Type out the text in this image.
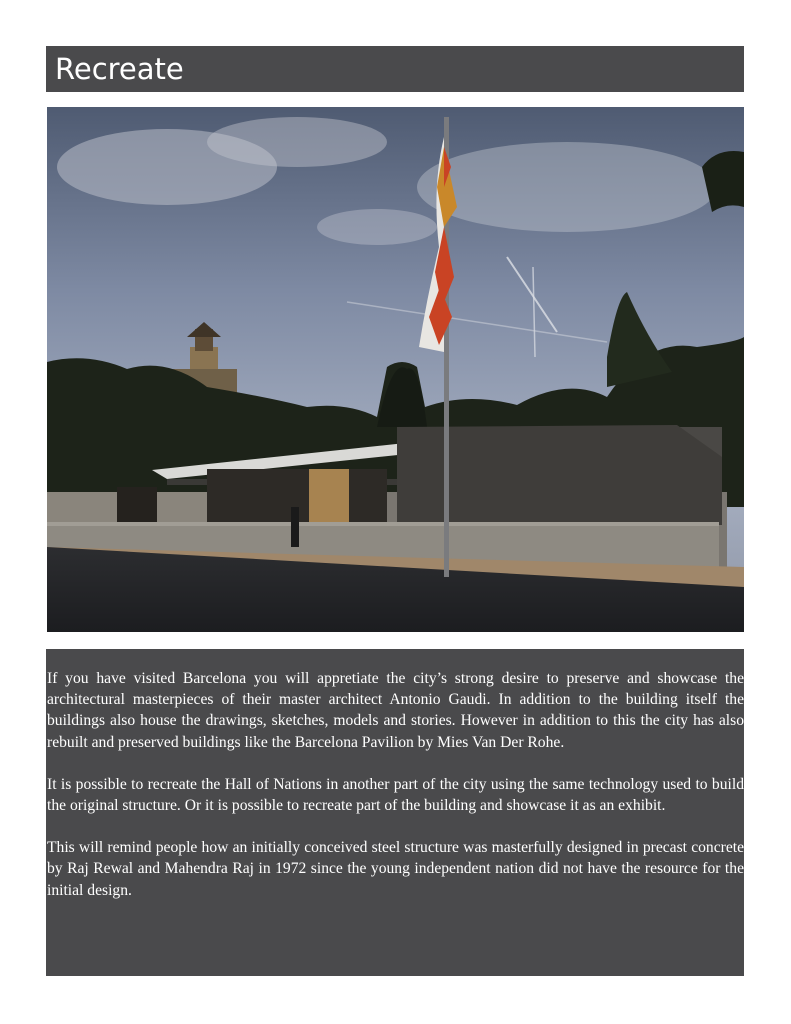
Recreate

If you have visited Barcelona you will appretiate the city’s strong desire to preserve and showcase the architectural masterpieces of their master architect Antonio Gaudi. In addition to the building itself the buildings also house the drawings, sketches, models and stories. However in addition to this the city has also rebuilt and preserved buildings like the Barcelona Pavilion by Mies Van Der Rohe.

It is possible to recreate the Hall of Nations in another part of the city using the same technology used to build the original structure. Or it is possible to recreate part of the building and showcase it as an exhibit.

This will remind people how an initially conceived steel structure was masterfully designed in precast concrete by Raj Rewal and Mahendra Raj in 1972 since the young independent nation did not have the resource for the initial design.
